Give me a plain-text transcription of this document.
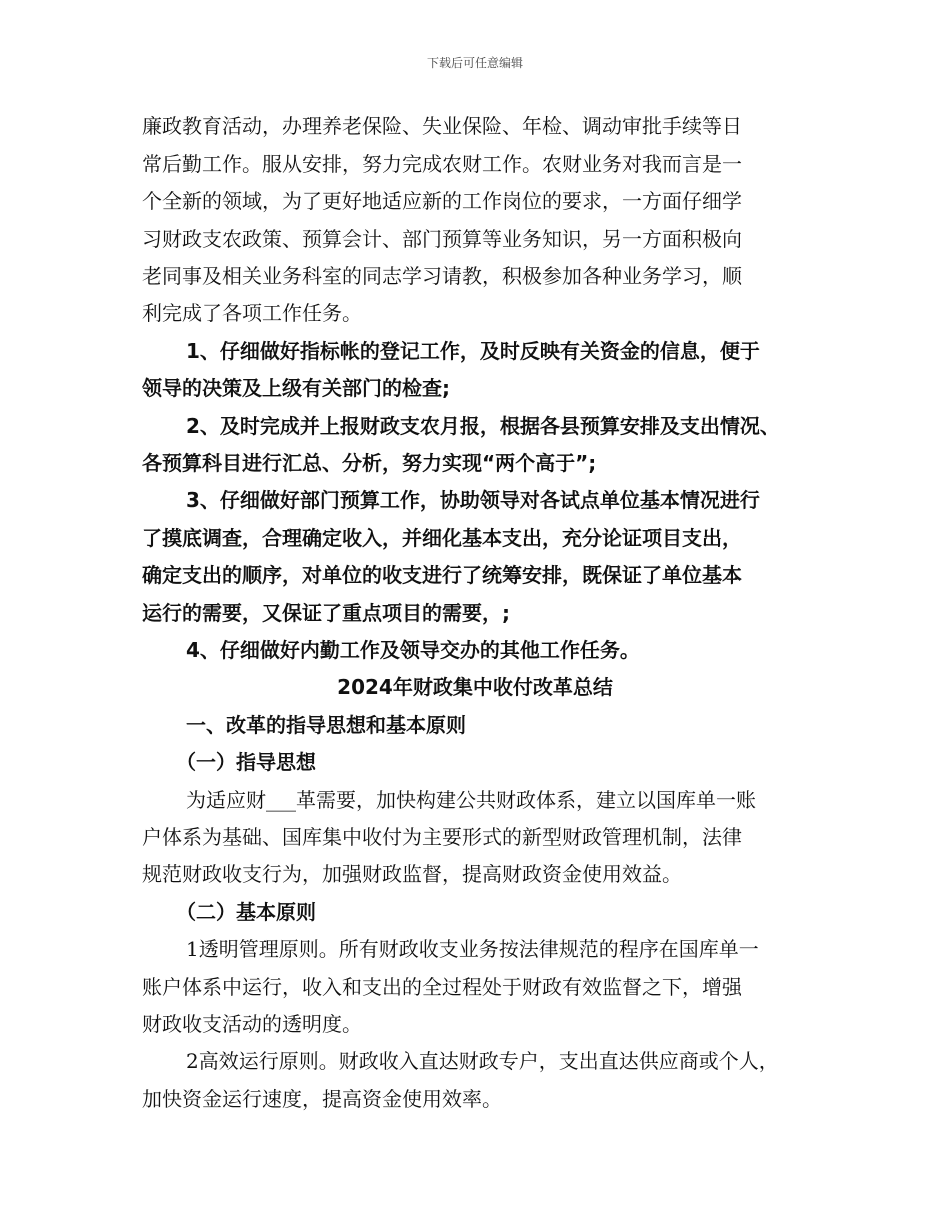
下载后可任意编辑
廉政教育活动，办理养老保险、失业保险、年检、调动审批手续等日
常后勤工作。服从安排，努力完成农财工作。农财业务对我而言是一
个全新的领域，为了更好地适应新的工作岗位的要求，一方面仔细学
习财政支农政策、预算会计、部门预算等业务知识，另一方面积极向
老同事及相关业务科室的同志学习请教，积极参加各种业务学习，顺
利完成了各项工作任务。
1、仔细做好指标帐的登记工作，及时反映有关资金的信息，便于
领导的决策及上级有关部门的检查;
2、及时完成并上报财政支农月报，根据各县预算安排及支出情况、
各预算科目进行汇总、分析，努力实现“两个高于”;
3、仔细做好部门预算工作，协助领导对各试点单位基本情况进行
了摸底调查，合理确定收入，并细化基本支出，充分论证项目支出，
确定支出的顺序，对单位的收支进行了统筹安排，既保证了单位基本
运行的需要，又保证了重点项目的需要，;
4、仔细做好内勤工作及领导交办的其他工作任务。
2024年财政集中收付改革总结
一、改革的指导思想和基本原则
（一）指导思想
为适应财___革需要，加快构建公共财政体系，建立以国库单一账
户体系为基础、国库集中收付为主要形式的新型财政管理机制，法律
规范财政收支行为，加强财政监督，提高财政资金使用效益。
（二）基本原则
1透明管理原则。所有财政收支业务按法律规范的程序在国库单一
账户体系中运行，收入和支出的全过程处于财政有效监督之下，增强
财政收支活动的透明度。
2高效运行原则。财政收入直达财政专户，支出直达供应商或个人，
加快资金运行速度，提高资金使用效率。
